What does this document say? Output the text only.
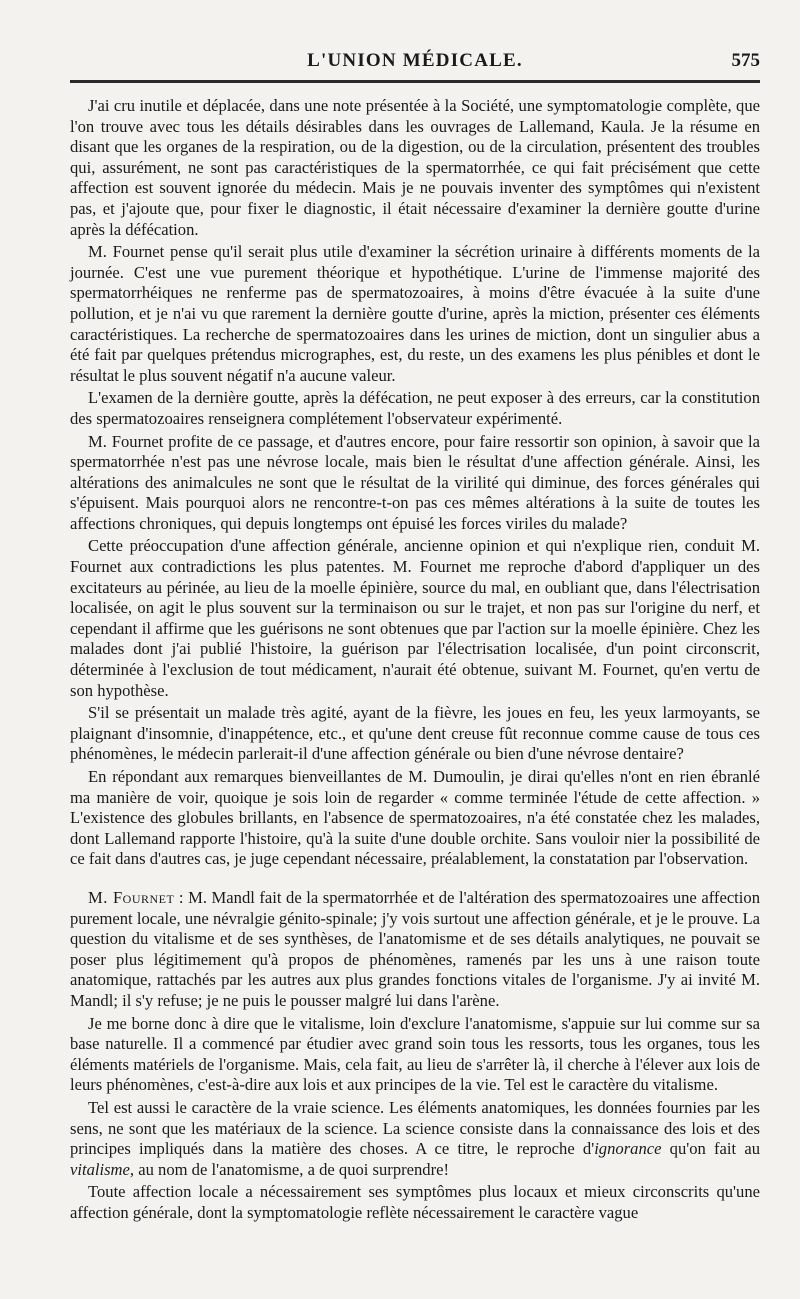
L'UNION MÉDICALE.	575

J'ai cru inutile et déplacée, dans une note présentée à la Société, une symptomatologie complète, que l'on trouve avec tous les détails désirables dans les ouvrages de Lallemand, Kaula. Je la résume en disant que les organes de la respiration, ou de la digestion, ou de la circulation, présentent des troubles qui, assurément, ne sont pas caractéristiques de la spermatorrhée, ce qui fait précisément que cette affection est souvent ignorée du médecin. Mais je ne pouvais inventer des symptômes qui n'existent pas, et j'ajoute que, pour fixer le diagnostic, il était nécessaire d'examiner la dernière goutte d'urine après la défécation.

M. Fournet pense qu'il serait plus utile d'examiner la sécrétion urinaire à différents moments de la journée. C'est une vue purement théorique et hypothétique. L'urine de l'immense majorité des spermatorrhéiques ne renferme pas de spermatozoaires, à moins d'être évacuée à la suite d'une pollution, et je n'ai vu que rarement la dernière goutte d'urine, après la miction, présenter ces éléments caractéristiques. La recherche de spermatozoaires dans les urines de miction, dont un singulier abus a été fait par quelques prétendus micrographes, est, du reste, un des examens les plus pénibles et dont le résultat le plus souvent négatif n'a aucune valeur.

L'examen de la dernière goutte, après la défécation, ne peut exposer à des erreurs, car la constitution des spermatozoaires renseignera complétement l'observateur expérimenté.

M. Fournet profite de ce passage, et d'autres encore, pour faire ressortir son opinion, à savoir que la spermatorrhée n'est pas une névrose locale, mais bien le résultat d'une affection générale. Ainsi, les altérations des animalcules ne sont que le résultat de la virilité qui diminue, des forces générales qui s'épuisent. Mais pourquoi alors ne rencontre-t-on pas ces mêmes altérations à la suite de toutes les affections chroniques, qui depuis longtemps ont épuisé les forces viriles du malade?

Cette préoccupation d'une affection générale, ancienne opinion et qui n'explique rien, conduit M. Fournet aux contradictions les plus patentes. M. Fournet me reproche d'abord d'appliquer un des excitateurs au périnée, au lieu de la moelle épinière, source du mal, en oubliant que, dans l'électrisation localisée, on agit le plus souvent sur la terminaison ou sur le trajet, et non pas sur l'origine du nerf, et cependant il affirme que les guérisons ne sont obtenues que par l'action sur la moelle épinière. Chez les malades dont j'ai publié l'histoire, la guérison par l'électrisation localisée, d'un point circonscrit, déterminée à l'exclusion de tout médicament, n'aurait été obtenue, suivant M. Fournet, qu'en vertu de son hypothèse.

S'il se présentait un malade très agité, ayant de la fièvre, les joues en feu, les yeux larmoyants, se plaignant d'insomnie, d'inappétence, etc., et qu'une dent creuse fût reconnue comme cause de tous ces phénomènes, le médecin parlerait-il d'une affection générale ou bien d'une névrose dentaire?

En répondant aux remarques bienveillantes de M. Dumoulin, je dirai qu'elles n'ont en rien ébranlé ma manière de voir, quoique je sois loin de regarder « comme terminée l'étude de cette affection. » L'existence des globules brillants, en l'absence de spermatozoaires, n'a été constatée chez les malades, dont Lallemand rapporte l'histoire, qu'à la suite d'une double orchite. Sans vouloir nier la possibilité de ce fait dans d'autres cas, je juge cependant nécessaire, préalablement, la constatation par l'observation.

M. Fournet : M. Mandl fait de la spermatorrhée et de l'altération des spermatozoaires une affection purement locale, une névralgie génito-spinale; j'y vois surtout une affection générale, et je le prouve. La question du vitalisme et de ses synthèses, de l'anatomisme et de ses détails analytiques, ne pouvait se poser plus légitimement qu'à propos de phénomènes, ramenés par les uns à une raison toute anatomique, rattachés par les autres aux plus grandes fonctions vitales de l'organisme. J'y ai invité M. Mandl; il s'y refuse; je ne puis le pousser malgré lui dans l'arène.

Je me borne donc à dire que le vitalisme, loin d'exclure l'anatomisme, s'appuie sur lui comme sur sa base naturelle. Il a commencé par étudier avec grand soin tous les ressorts, tous les organes, tous les éléments matériels de l'organisme. Mais, cela fait, au lieu de s'arrêter là, il cherche à l'élever aux lois de leurs phénomènes, c'est-à-dire aux lois et aux principes de la vie. Tel est le caractère du vitalisme.

Tel est aussi le caractère de la vraie science. Les éléments anatomiques, les données fournies par les sens, ne sont que les matériaux de la science. La science consiste dans la connaissance des lois et des principes impliqués dans la matière des choses. A ce titre, le reproche d'ignorance qu'on fait au vitalisme, au nom de l'anatomisme, a de quoi surprendre!

Toute affection locale a nécessairement ses symptômes plus locaux et mieux circonscrits qu'une affection générale, dont la symptomatologie reflète nécessairement le caractère vague
